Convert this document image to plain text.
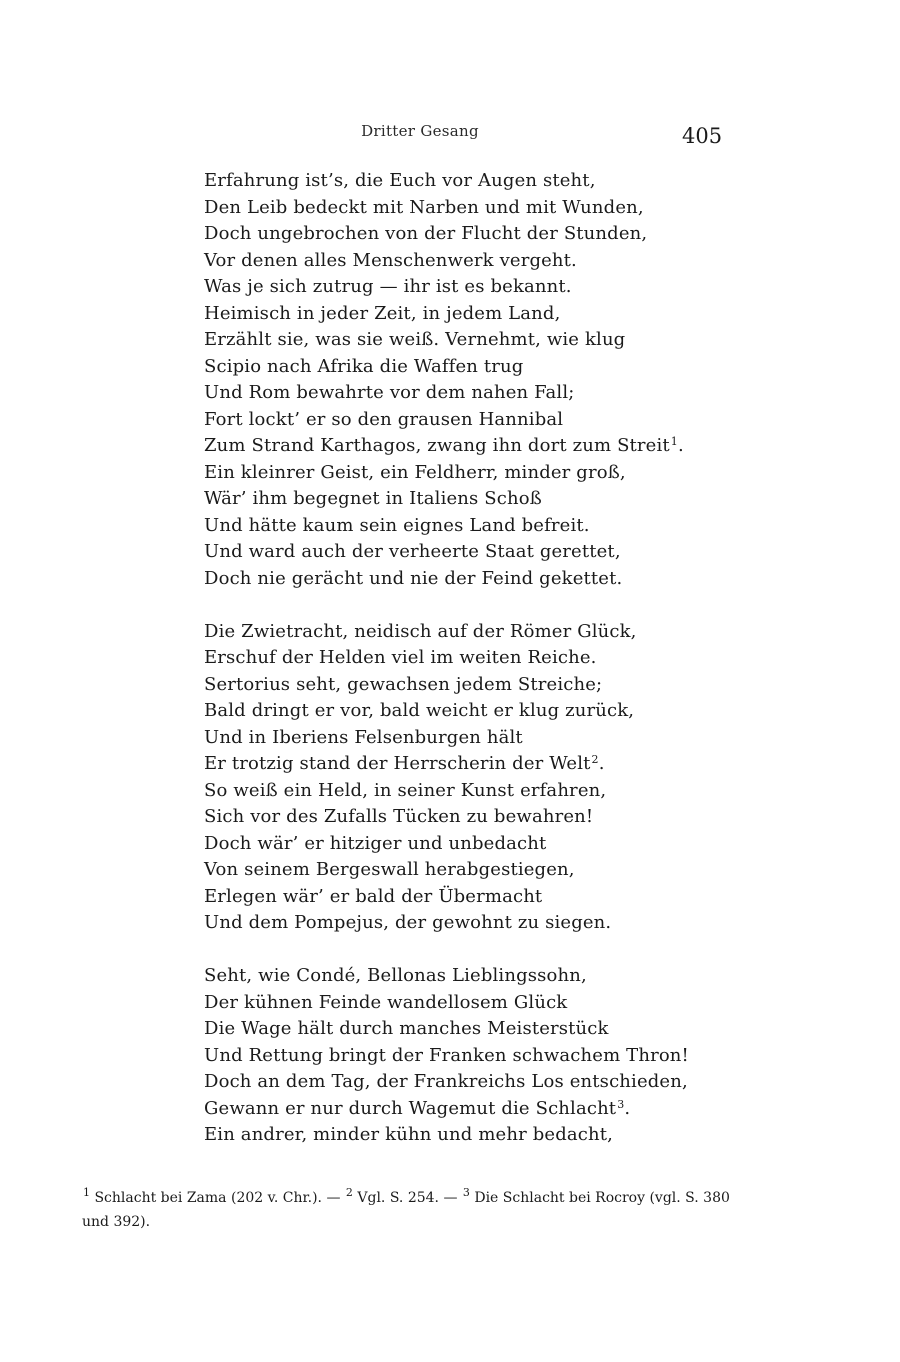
Dritter Gesang	405
Erfahrung ist’s, die Euch vor Augen steht,
Den Leib bedeckt mit Narben und mit Wunden,
Doch ungebrochen von der Flucht der Stunden,
Vor denen alles Menschenwerk vergeht.
Was je sich zutrug — ihr ist es bekannt.
Heimisch in jeder Zeit, in jedem Land,
Erzählt sie, was sie weiß. Vernehmt, wie klug
Scipio nach Afrika die Waffen trug
Und Rom bewahrte vor dem nahen Fall;
Fort lockt’ er so den grausen Hannibal
Zum Strand Karthagos, zwang ihn dort zum Streit$^1$.
Ein kleinrer Geist, ein Feldherr, minder groß,
Wär’ ihm begegnet in Italiens Schoß
Und hätte kaum sein eignes Land befreit.
Und ward auch der verheerte Staat gerettet,
Doch nie gerächt und nie der Feind gekettet.
Die Zwietracht, neidisch auf der Römer Glück,
Erschuf der Helden viel im weiten Reiche.
Sertorius seht, gewachsen jedem Streiche;
Bald dringt er vor, bald weicht er klug zurück,
Und in Iberiens Felsenburgen hält
Er trotzig stand der Herrscherin der Welt$^2$.
So weiß ein Held, in seiner Kunst erfahren,
Sich vor des Zufalls Tücken zu bewahren!
Doch wär’ er hitziger und unbedacht
Von seinem Bergeswall herabgestiegen,
Erlegen wär’ er bald der Übermacht
Und dem Pompejus, der gewohnt zu siegen.
Seht, wie Condé, Bellonas Lieblingssohn,
Der kühnen Feinde wandellosem Glück
Die Wage hält durch manches Meisterstück
Und Rettung bringt der Franken schwachem Thron!
Doch an dem Tag, der Frankreichs Los entschieden,
Gewann er nur durch Wagemut die Schlacht$^3$.
Ein andrer, minder kühn und mehr bedacht,
$^1$ Schlacht bei Zama (202 v. Chr.). — $^2$ Vgl. S. 254. — $^3$ Die Schlacht bei Rocroy (vgl. S. 380 und 392).
